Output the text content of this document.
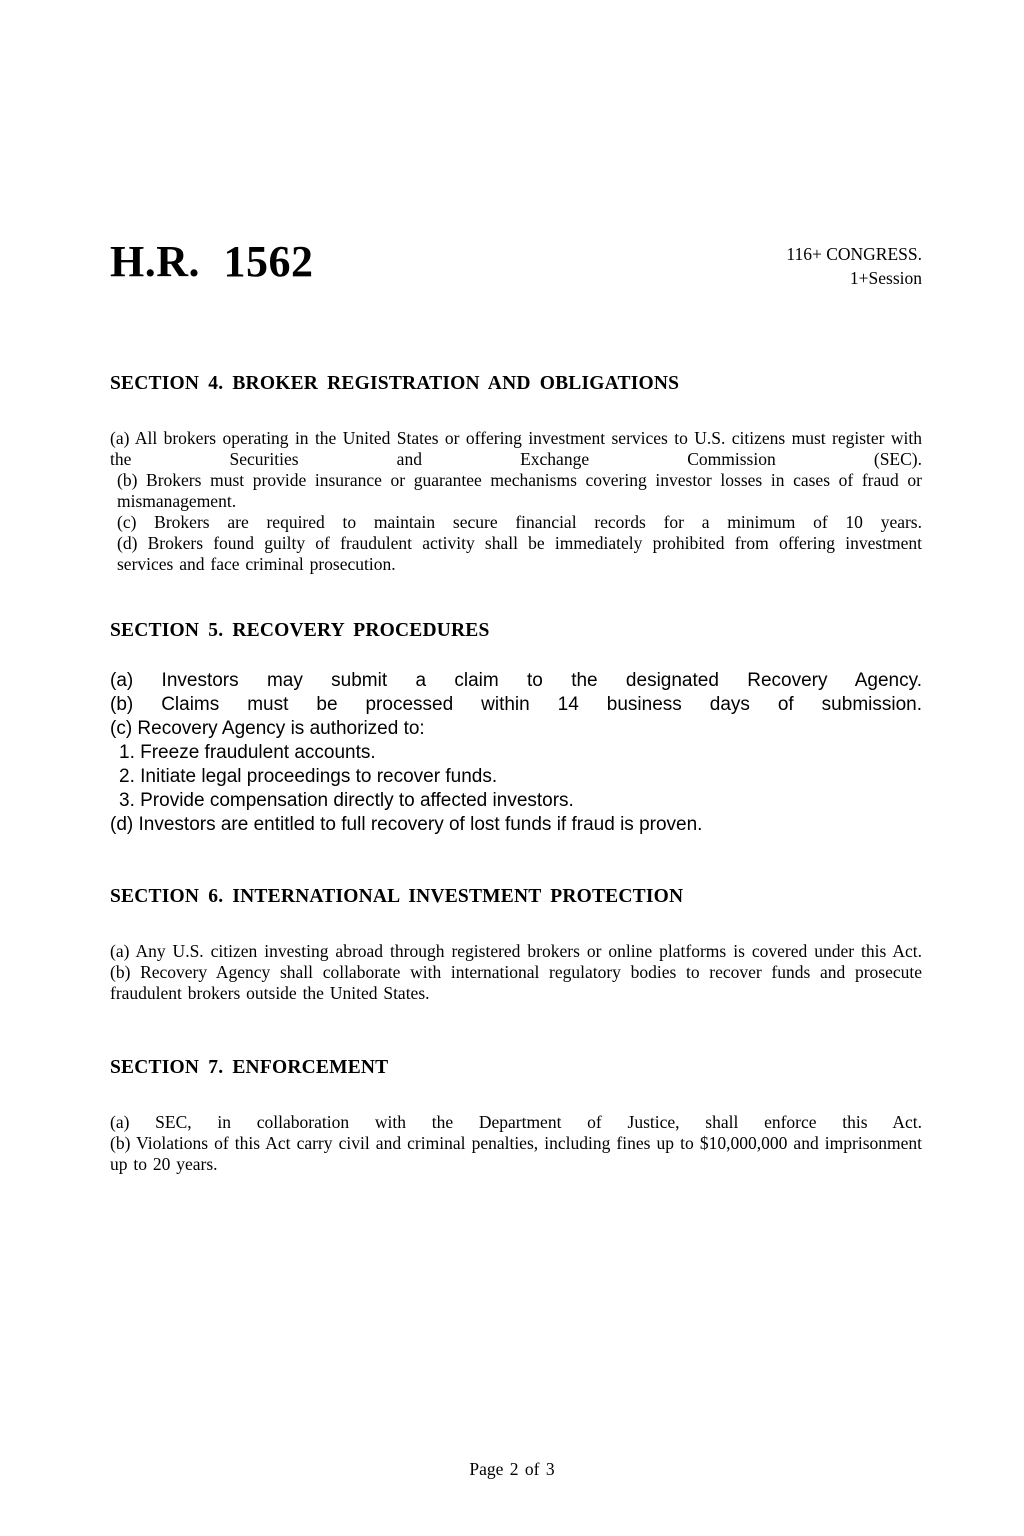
H.R. 1562	116+ CONGRESS.
1+Session
SECTION 4. BROKER REGISTRATION AND OBLIGATIONS
(a) All brokers operating in the United States or offering investment services to U.S. citizens must register with the Securities and Exchange Commission (SEC).
(b) Brokers must provide insurance or guarantee mechanisms covering investor losses in cases of fraud or mismanagement.
(c) Brokers are required to maintain secure financial records for a minimum of 10 years.
(d) Brokers found guilty of fraudulent activity shall be immediately prohibited from offering investment services and face criminal prosecution.
SECTION 5. RECOVERY PROCEDURES
(a) Investors may submit a claim to the designated Recovery Agency.
(b) Claims must be processed within 14 business days of submission.
(c) Recovery Agency is authorized to:
1. Freeze fraudulent accounts.
2. Initiate legal proceedings to recover funds.
3. Provide compensation directly to affected investors.
(d) Investors are entitled to full recovery of lost funds if fraud is proven.
SECTION 6. INTERNATIONAL INVESTMENT PROTECTION
(a) Any U.S. citizen investing abroad through registered brokers or online platforms is covered under this Act.
(b) Recovery Agency shall collaborate with international regulatory bodies to recover funds and prosecute fraudulent brokers outside the United States.
SECTION 7. ENFORCEMENT
(a) SEC, in collaboration with the Department of Justice, shall enforce this Act.
(b) Violations of this Act carry civil and criminal penalties, including fines up to $10,000,000 and imprisonment up to 20 years.
Page 2 of 3
